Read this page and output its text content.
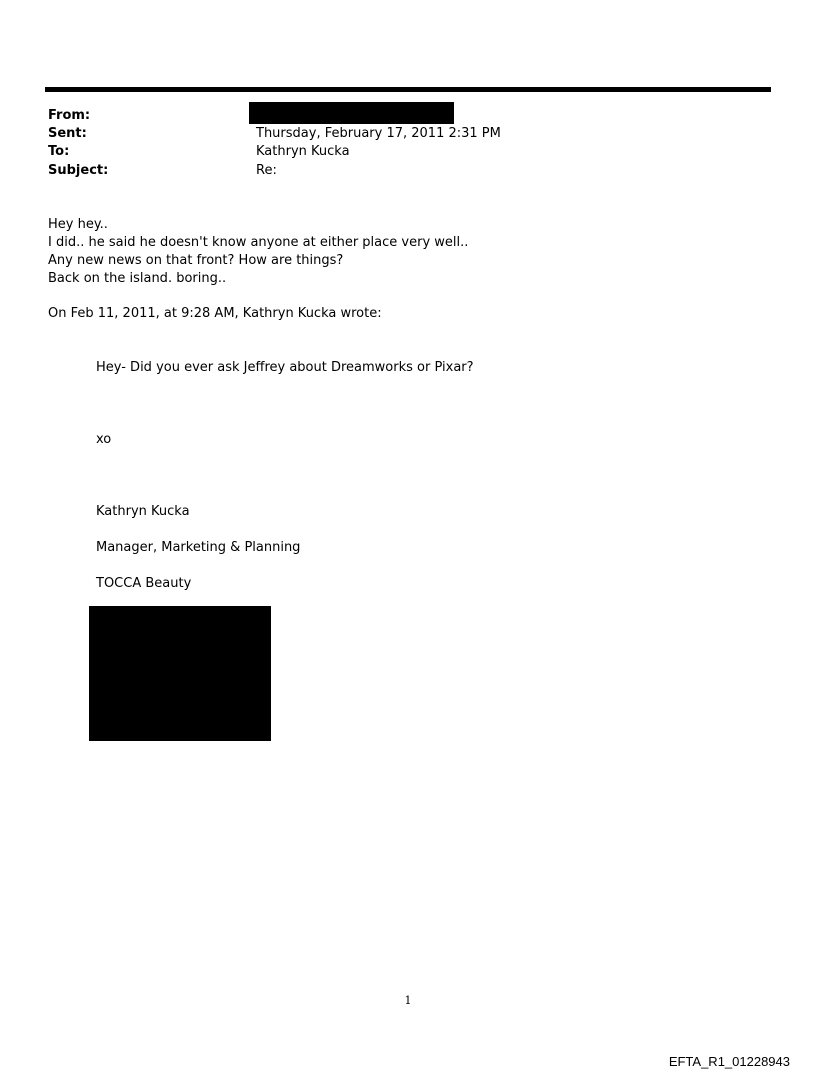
From:
Sent:
To:
Subject:
Thursday, February 17, 2011 2:31 PM
Kathryn Kucka
Re:
Hey hey..
I did.. he said he doesn't know anyone at either place very well..
Any new news on that front? How are things?
Back on the island. boring..
On Feb 11, 2011, at 9:28 AM, Kathryn Kucka wrote:
Hey- Did you ever ask Jeffrey about Dreamworks or Pixar?
xo
Kathryn Kucka
Manager, Marketing & Planning
TOCCA Beauty
1
EFTA_R1_01228943
